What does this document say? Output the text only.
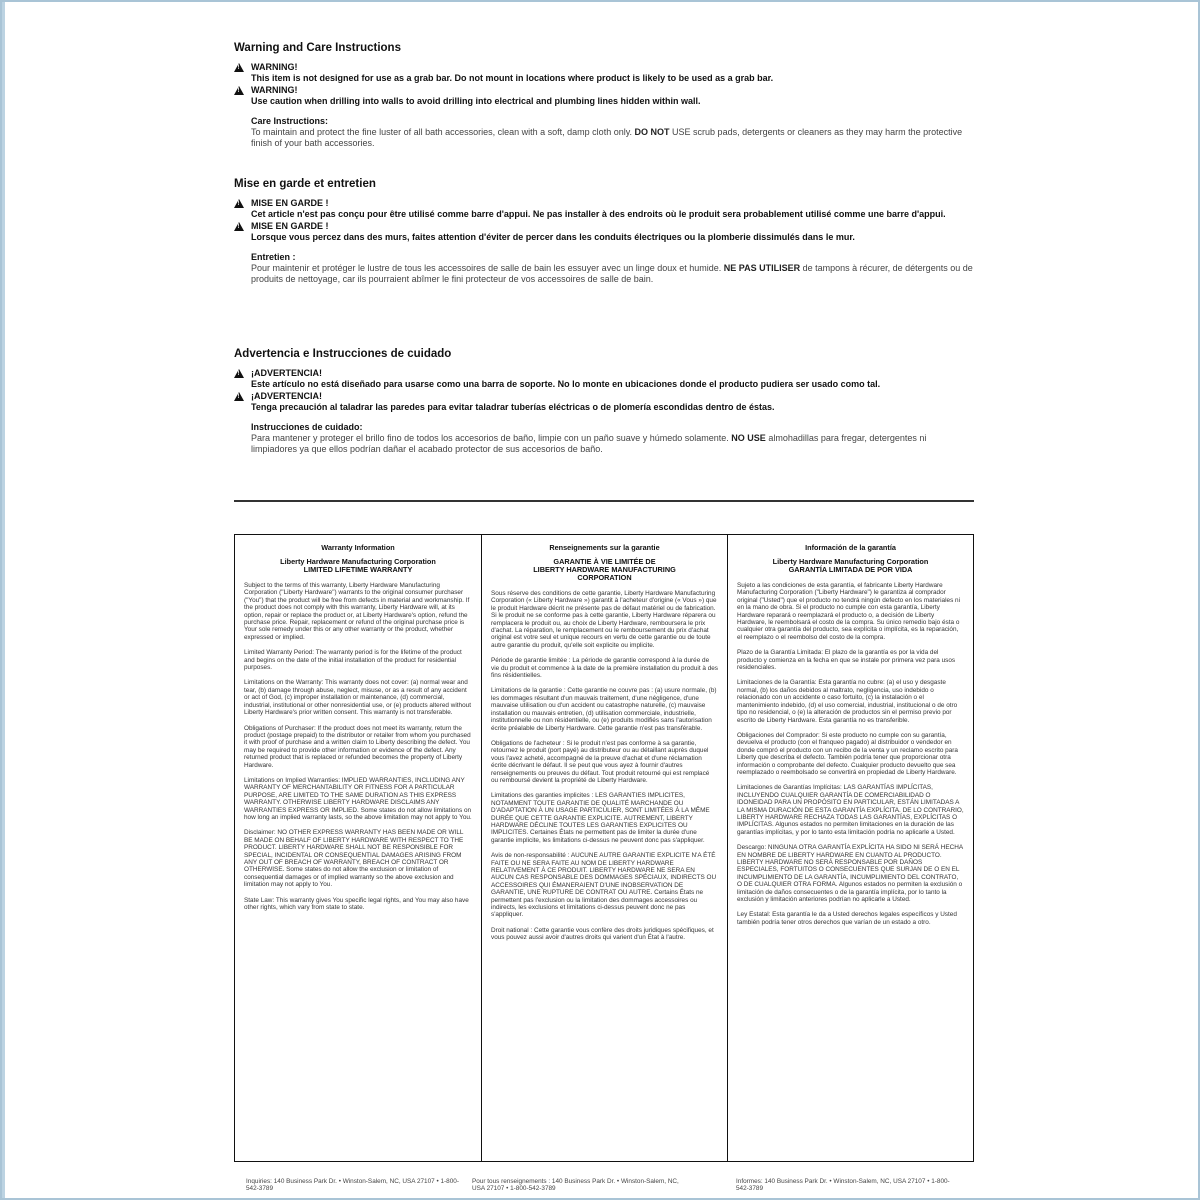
Warning and Care Instructions
!
WARNING!
This item is not designed for use as a grab bar. Do not mount in locations where product is likely to be used as a grab bar.
!
WARNING!
Use caution when drilling into walls to avoid drilling into electrical and plumbing lines hidden within wall.
Care Instructions:
To maintain and protect the fine luster of all bath accessories, clean with a soft, damp cloth only. DO NOT USE scrub pads, detergents or cleaners as they may harm the protective finish of your bath accessories.
Mise en garde et entretien
!
MISE EN GARDE !
Cet article n'est pas conçu pour être utilisé comme barre d'appui. Ne pas installer à des endroits où le produit sera probablement utilisé comme une barre d'appui.
!
MISE EN GARDE !
Lorsque vous percez dans des murs, faites attention d'éviter de percer dans les conduits électriques ou la plomberie dissimulés dans le mur.
Entretien :
Pour maintenir et protéger le lustre de tous les accessoires de salle de bain les essuyer avec un linge doux et humide. NE PAS UTILISER de tampons à récurer, de détergents ou de produits de nettoyage, car ils pourraient abîmer le fini protecteur de vos accessoires de salle de bain.
Advertencia e Instrucciones de cuidado
!
¡ADVERTENCIA!
Este artículo no está diseñado para usarse como una barra de soporte. No lo monte en ubicaciones donde el producto pudiera ser usado como tal.
!
¡ADVERTENCIA!
Tenga precaución al taladrar las paredes para evitar taladrar tuberías eléctricas o de plomería escondidas dentro de éstas.
Instrucciones de cuidado:
Para mantener y proteger el brillo fino de todos los accesorios de baño, limpie con un paño suave y húmedo solamente. NO USE almohadillas para fregar, detergentes ni limpiadores ya que ellos podrían dañar el acabado protector de sus accesorios de baño.
Warranty Information
Liberty Hardware Manufacturing Corporation
LIMITED LIFETIME WARRANTY

Subject to the terms of this warranty, Liberty Hardware Manufacturing Corporation ("Liberty Hardware") warrants to the original consumer purchaser ("You") that the product will be free from defects in material and workmanship. If the product does not comply with this warranty, Liberty Hardware will, at its option, repair or replace the product or, at Liberty Hardware's option, refund the purchase price. Repair, replacement or refund of the original purchase price is Your sole remedy under this or any other warranty or the product, whether expressed or implied.

Limited Warranty Period: The warranty period is for the lifetime of the product and begins on the date of the initial installation of the product for residential purposes.

Limitations on the Warranty: This warranty does not cover: (a) normal wear and tear, (b) damage through abuse, neglect, misuse, or as a result of any accident or act of God, (c) improper installation or maintenance, (d) commercial, industrial, institutional or other nonresidential use, or (e) products altered without Liberty Hardware's prior written consent. This warranty is not transferable.

Obligations of Purchaser: If the product does not meet its warranty, return the product (postage prepaid) to the distributor or retailer from whom you purchased it with proof of purchase and a written claim to Liberty describing the defect. You may be required to provide other information or evidence of the defect. Any returned product that is replaced or refunded becomes the property of Liberty Hardware.

Limitations on Implied Warranties: IMPLIED WARRANTIES, INCLUDING ANY WARRANTY OF MERCHANTABILITY OR FITNESS FOR A PARTICULAR PURPOSE, ARE LIMITED TO THE SAME DURATION AS THIS EXPRESS WARRANTY. OTHERWISE LIBERTY HARDWARE DISCLAIMS ANY WARRANTIES EXPRESS OR IMPLIED. Some states do not allow limitations on how long an implied warranty lasts, so the above limitation may not apply to You.

Disclaimer: NO OTHER EXPRESS WARRANTY HAS BEEN MADE OR WILL BE MADE ON BEHALF OF LIBERTY HARDWARE WITH RESPECT TO THE PRODUCT. LIBERTY HARDWARE SHALL NOT BE RESPONSIBLE FOR SPECIAL, INCIDENTAL OR CONSEQUENTIAL DAMAGES ARISING FROM ANY OUT OF BREACH OF WARRANTY, BREACH OF CONTRACT OR OTHERWISE. Some states do not allow the exclusion or limitation of consequential damages or of implied warranty so the above exclusion and limitation may not apply to You.

State Law: This warranty gives You specific legal rights, and You may also have other rights, which vary from state to state.

Renseignements sur la garantie
GARANTIE À VIE LIMITÉE DE
LIBERTY HARDWARE MANUFACTURING
CORPORATION

Sous réserve des conditions de cette garantie, Liberty Hardware Manufacturing Corporation (« Liberty Hardware ») garantit à l'acheteur d'origine (« Vous ») que le produit Hardware décrit ne présente pas de défaut matériel ou de fabrication. Si le produit ne se conforme pas à cette garantie, Liberty Hardware réparera ou remplacera le produit ou, au choix de Liberty Hardware, remboursera le prix d'achat. La réparation, le remplacement ou le remboursement du prix d'achat original est votre seul et unique recours en vertu de cette garantie ou de toute autre garantie du produit, qu'elle soit explicite ou implicite.

Période de garantie limitée : La période de garantie correspond à la durée de vie du produit et commence à la date de la première installation du produit à des fins résidentielles.

Limitations de la garantie : Cette garantie ne couvre pas : (a) usure normale, (b) les dommages résultant d'un mauvais traitement, d'une négligence, d'une mauvaise utilisation ou d'un accident ou catastrophe naturelle, (c) mauvaise installation ou mauvais entretien, (d) utilisation commerciale, industrielle, institutionnelle ou non résidentielle, ou (e) produits modifiés sans l'autorisation écrite préalable de Liberty Hardware. Cette garantie n'est pas transférable.

Obligations de l'acheteur : Si le produit n'est pas conforme à sa garantie, retournez le produit (port payé) au distributeur ou au détaillant auprès duquel vous l'avez acheté, accompagné de la preuve d'achat et d'une réclamation écrite décrivant le défaut. Il se peut que vous ayez à fournir d'autres renseignements ou preuves du défaut. Tout produit retourné qui est remplacé ou remboursé devient la propriété de Liberty Hardware.

Limitations des garanties implicites : LES GARANTIES IMPLICITES, NOTAMMENT TOUTE GARANTIE DE QUALITÉ MARCHANDE OU D'ADAPTATION À UN USAGE PARTICULIER, SONT LIMITÉES À LA MÊME DURÉE QUE CETTE GARANTIE EXPLICITE. AUTREMENT, LIBERTY HARDWARE DÉCLINE TOUTES LES GARANTIES EXPLICITES OU IMPLICITES. Certaines États ne permettent pas de limiter la durée d'une garantie implicite, les limitations ci-dessus ne peuvent donc pas s'appliquer.

Avis de non-responsabilité : AUCUNE AUTRE GARANTIE EXPLICITE N'A ÉTÉ FAITE OU NE SERA FAITE AU NOM DE LIBERTY HARDWARE RELATIVEMENT À CE PRODUIT. LIBERTY HARDWARE NE SERA EN AUCUN CAS RESPONSABLE DES DOMMAGES SPÉCIAUX, INDIRECTS OU ACCESSOIRES QUI ÉMANERAIENT D'UNE INOBSERVATION DE GARANTIE, UNE RUPTURE DE CONTRAT OU AUTRE. Certains États ne permettent pas l'exclusion ou la limitation des dommages accessoires ou indirects, les exclusions et limitations ci-dessus peuvent donc ne pas s'appliquer.

Droit national : Cette garantie vous confère des droits juridiques spécifiques, et vous pouvez aussi avoir d'autres droits qui varient d'un État à l'autre.

Información de la garantía
Liberty Hardware Manufacturing Corporation
GARANTÍA LIMITADA DE POR VIDA

Sujeto a las condiciones de esta garantía, el fabricante Liberty Hardware Manufacturing Corporation ("Liberty Hardware") le garantiza al comprador original ("Usted") que el producto no tendrá ningún defecto en los materiales ni en la mano de obra. Si el producto no cumple con esta garantía, Liberty Hardware reparará o reemplazará el producto o, a decisión de Liberty Hardware, le reembolsará el costo de la compra. Su único remedio bajo ésta o cualquier otra garantía del producto, sea explícita o implícita, es la reparación, el reemplazo o el reembolso del costo de la compra.

Plazo de la Garantía Limitada: El plazo de la garantía es por la vida del producto y comienza en la fecha en que se instale por primera vez para usos residenciales.

Limitaciones de la Garantía: Esta garantía no cubre: (a) el uso y desgaste normal, (b) los daños debidos al maltrato, negligencia, uso indebido o relacionado con un accidente o caso fortuito, (c) la instalación o el mantenimiento indebido, (d) el uso comercial, industrial, institucional o de otro tipo no residencial, o (e) la alteración de productos sin el permiso previo por escrito de Liberty Hardware. Esta garantía no es transferible.

Obligaciones del Comprador: Si este producto no cumple con su garantía, devuelva el producto (con el franqueo pagado) al distribuidor o vendedor en donde compró el producto con un recibo de la venta y un reclamo escrito para Liberty que describa el defecto. También podría tener que proporcionar otra información o comprobante del defecto. Cualquier producto devuelto que sea reemplazado o reembolsado se convertirá en propiedad de Liberty Hardware.

Limitaciones de Garantías Implícitas: LAS GARANTÍAS IMPLÍCITAS, INCLUYENDO CUALQUIER GARANTÍA DE COMERCIABILIDAD O IDONEIDAD PARA UN PROPÓSITO EN PARTICULAR, ESTÁN LIMITADAS A LA MISMA DURACIÓN DE ESTA GARANTÍA EXPLÍCITA. DE LO CONTRARIO, LIBERTY HARDWARE RECHAZA TODAS LAS GARANTÍAS, EXPLÍCITAS O IMPLÍCITAS. Algunos estados no permiten limitaciones en la duración de las garantías implícitas, y por lo tanto esta limitación podría no aplicarle a Usted.

Descargo: NINGUNA OTRA GARANTÍA EXPLÍCITA HA SIDO NI SERÁ HECHA EN NOMBRE DE LIBERTY HARDWARE EN CUANTO AL PRODUCTO. LIBERTY HARDWARE NO SERÁ RESPONSABLE POR DAÑOS ESPECIALES, FORTUITOS O CONSECUENTES QUE SURJAN DE O EN EL INCUMPLIMIENTO DE LA GARANTÍA, INCUMPLIMIENTO DEL CONTRATO, O DE CUALQUIER OTRA FORMA. Algunos estados no permiten la exclusión o limitación de daños consecuentes o de la garantía implícita, por lo tanto la exclusión y limitación anteriores podrían no aplicarle a Usted.

Ley Estatal: Esta garantía le da a Usted derechos legales específicos y Usted también podría tener otros derechos que varían de un estado a otro.

Inquiries: 140 Business Park Dr. • Winston-Salem, NC, USA 27107 • 1-800-542-3789
Pour tous renseignements : 140 Business Park Dr. • Winston-Salem, NC, USA 27107 • 1-800-542-3789
Informes: 140 Business Park Dr. • Winston-Salem, NC, USA 27107 • 1-800-542-3789
